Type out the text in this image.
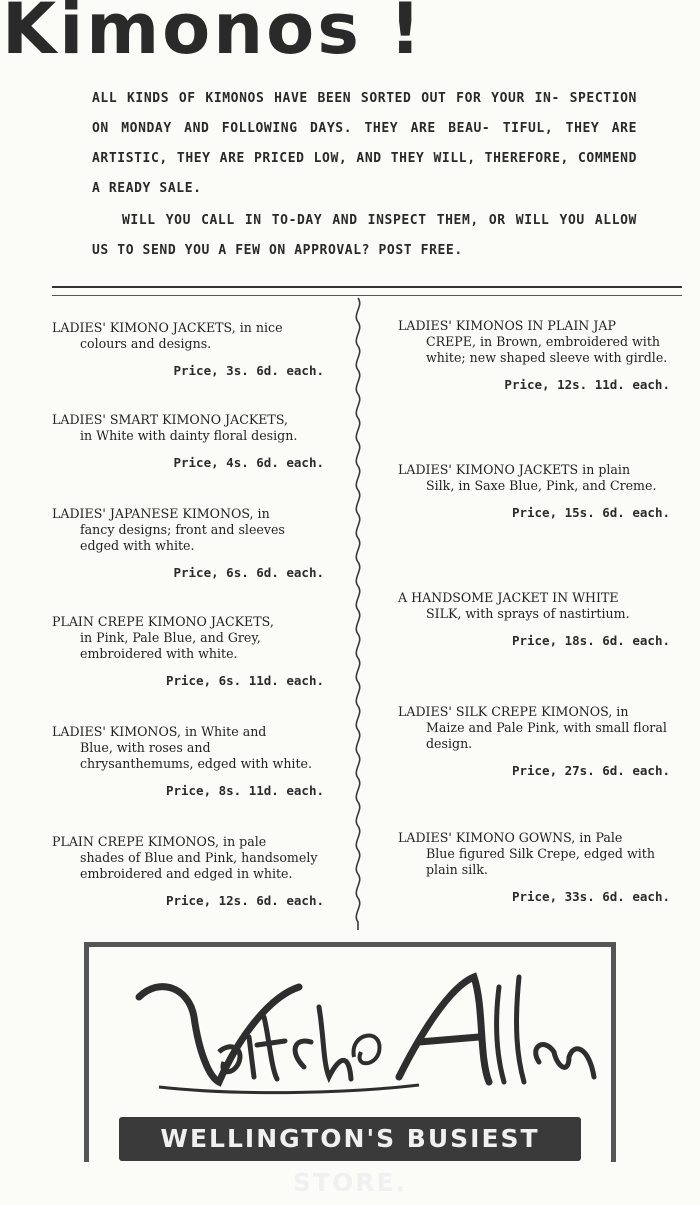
Kimonos !

ALL KINDS OF KIMONOS HAVE BEEN SORTED OUT FOR YOUR IN- SPECTION ON MONDAY AND FOLLOWING DAYS. THEY ARE BEAU- TIFUL, THEY ARE ARTISTIC, THEY ARE PRICED LOW, AND THEY WILL, THEREFORE, COMMEND A READY SALE.

WILL YOU CALL IN TO-DAY AND INSPECT THEM, OR WILL YOU ALLOW US TO SEND YOU A FEW ON APPROVAL? POST FREE.

LADIES' KIMONO JACKETS, in nice
colours and designs.

Price, 3s. 6d. each.

LADIES' SMART KIMONO JACKETS,
in White with dainty floral design.

Price, 4s. 6d. each.

LADIES' JAPANESE KIMONOS, in
fancy designs; front and sleeves edged with white.

Price, 6s. 6d. each.

PLAIN CREPE KIMONO JACKETS,
in Pink, Pale Blue, and Grey, embroidered with white.

Price, 6s. 11d. each.

LADIES' KIMONOS, in White and
Blue, with roses and chrysanthemums, edged with white.

Price, 8s. 11d. each.

PLAIN CREPE KIMONOS, in pale
shades of Blue and Pink, handsomely embroidered and edged in white.

Price, 12s. 6d. each.

LADIES' KIMONOS IN PLAIN JAP
CREPE, in Brown, embroidered with white; new shaped sleeve with girdle.

Price, 12s. 11d. each.

LADIES' KIMONO JACKETS in plain
Silk, in Saxe Blue, Pink, and Creme.

Price, 15s. 6d. each.

A HANDSOME JACKET IN WHITE
SILK, with sprays of nastirtium.

Price, 18s. 6d. each.

LADIES' SILK CREPE KIMONOS, in
Maize and Pale Pink, with small floral design.

Price, 27s. 6d. each.

LADIES' KIMONO GOWNS, in Pale
Blue figured Silk Crepe, edged with plain silk.

Price, 33s. 6d. each.
WELLINGTON'S BUSIEST STORE.
